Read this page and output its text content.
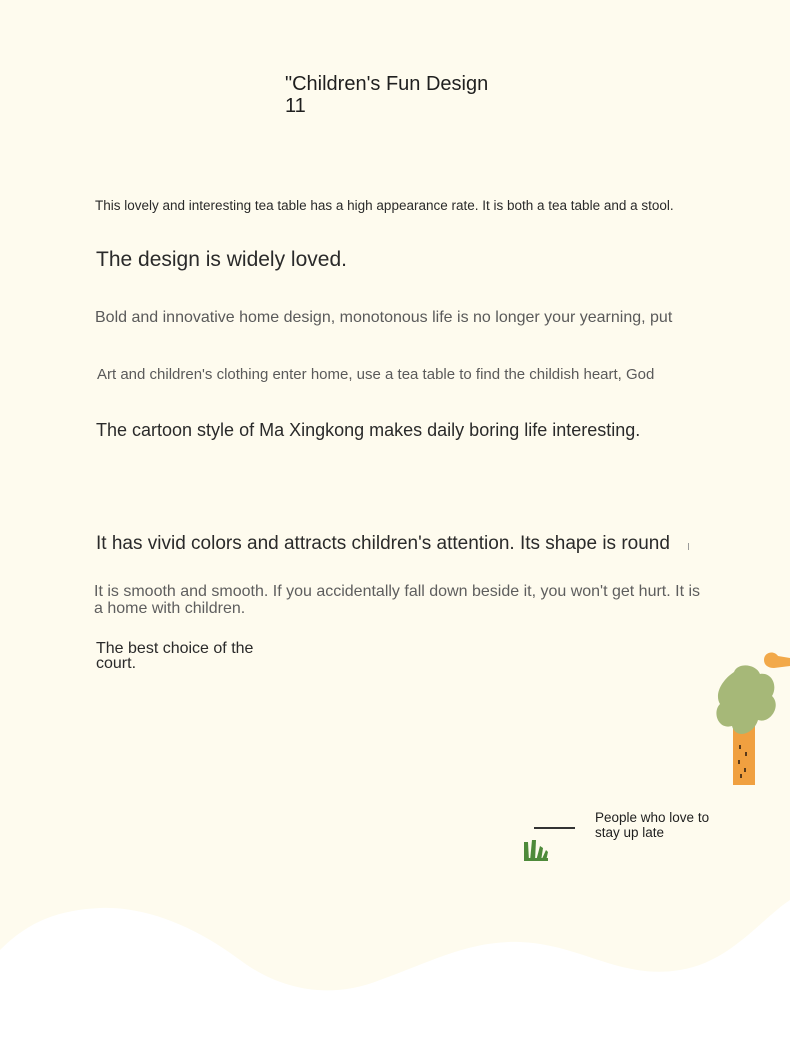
"Children's Fun Design
11

This lovely and interesting tea table has a high appearance rate. It is both a tea table and a stool.

The design is widely loved.

Bold and innovative home design, monotonous life is no longer your yearning, put

Art and children's clothing enter home, use a tea table to find the childish heart, God

The cartoon style of Ma Xingkong makes daily boring life interesting.

It has vivid colors and attracts children's attention. Its shape is round

It is smooth and smooth. If you accidentally fall down beside it, you won't get hurt. It is a home with children.

The best choice of the court.

People who love to stay up late
